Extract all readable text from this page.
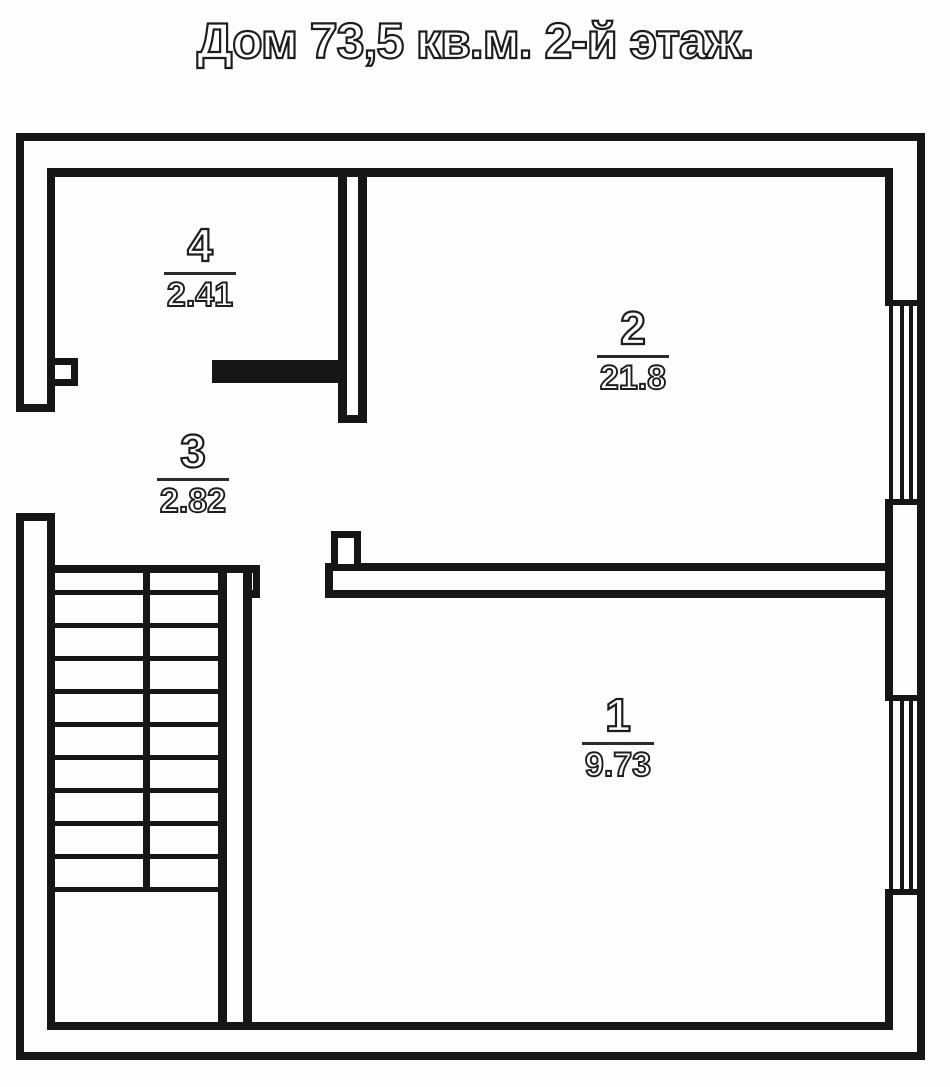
Дом 73,5 кв.м. 2-й этаж.
4
2.41
2
21.8
3
2.82
1
9.73
